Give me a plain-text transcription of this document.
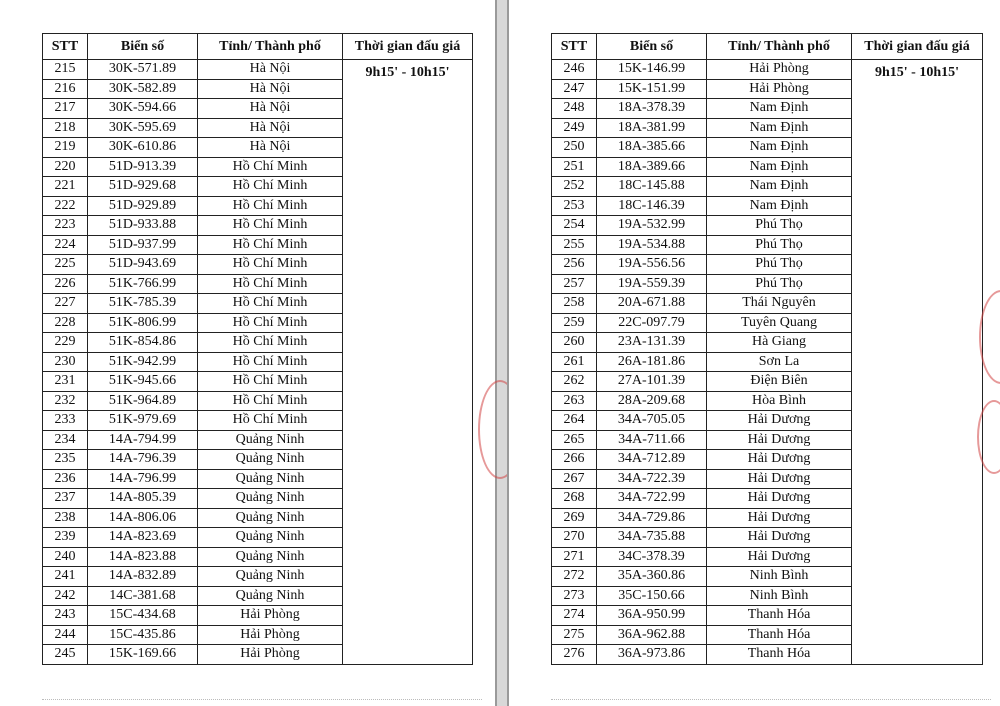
STT	Biển số	Tỉnh/ Thành phố	Thời gian đấu giá
215	30K-571.89	Hà Nội	9h15' - 10h15'
216	30K-582.89	Hà Nội	
217	30K-594.66	Hà Nội	
218	30K-595.69	Hà Nội	
219	30K-610.86	Hà Nội	
220	51D-913.39	Hồ Chí Minh	
221	51D-929.68	Hồ Chí Minh	
222	51D-929.89	Hồ Chí Minh	
223	51D-933.88	Hồ Chí Minh	
224	51D-937.99	Hồ Chí Minh	
225	51D-943.69	Hồ Chí Minh	
226	51K-766.99	Hồ Chí Minh	
227	51K-785.39	Hồ Chí Minh	
228	51K-806.99	Hồ Chí Minh	
229	51K-854.86	Hồ Chí Minh	
230	51K-942.99	Hồ Chí Minh	
231	51K-945.66	Hồ Chí Minh	
232	51K-964.89	Hồ Chí Minh	
233	51K-979.69	Hồ Chí Minh	
234	14A-794.99	Quảng Ninh	
235	14A-796.39	Quảng Ninh	
236	14A-796.99	Quảng Ninh	
237	14A-805.39	Quảng Ninh	
238	14A-806.06	Quảng Ninh	
239	14A-823.69	Quảng Ninh	
240	14A-823.88	Quảng Ninh	
241	14A-832.89	Quảng Ninh	
242	14C-381.68	Quảng Ninh	
243	15C-434.68	Hải Phòng	
244	15C-435.86	Hải Phòng	
245	15K-169.66	Hải Phòng	
STT	Biển số	Tỉnh/ Thành phố	Thời gian đấu giá
246	15K-146.99	Hải Phòng	9h15' - 10h15'
247	15K-151.99	Hải Phòng	
248	18A-378.39	Nam Định	
249	18A-381.99	Nam Định	
250	18A-385.66	Nam Định	
251	18A-389.66	Nam Định	
252	18C-145.88	Nam Định	
253	18C-146.39	Nam Định	
254	19A-532.99	Phú Thọ	
255	19A-534.88	Phú Thọ	
256	19A-556.56	Phú Thọ	
257	19A-559.39	Phú Thọ	
258	20A-671.88	Thái Nguyên	
259	22C-097.79	Tuyên Quang	
260	23A-131.39	Hà Giang	
261	26A-181.86	Sơn La	
262	27A-101.39	Điện Biên	
263	28A-209.68	Hòa Bình	
264	34A-705.05	Hải Dương	
265	34A-711.66	Hải Dương	
266	34A-712.89	Hải Dương	
267	34A-722.39	Hải Dương	
268	34A-722.99	Hải Dương	
269	34A-729.86	Hải Dương	
270	34A-735.88	Hải Dương	
271	34C-378.39	Hải Dương	
272	35A-360.86	Ninh Bình	
273	35C-150.66	Ninh Bình	
274	36A-950.99	Thanh Hóa	
275	36A-962.88	Thanh Hóa	
276	36A-973.86	Thanh Hóa	
